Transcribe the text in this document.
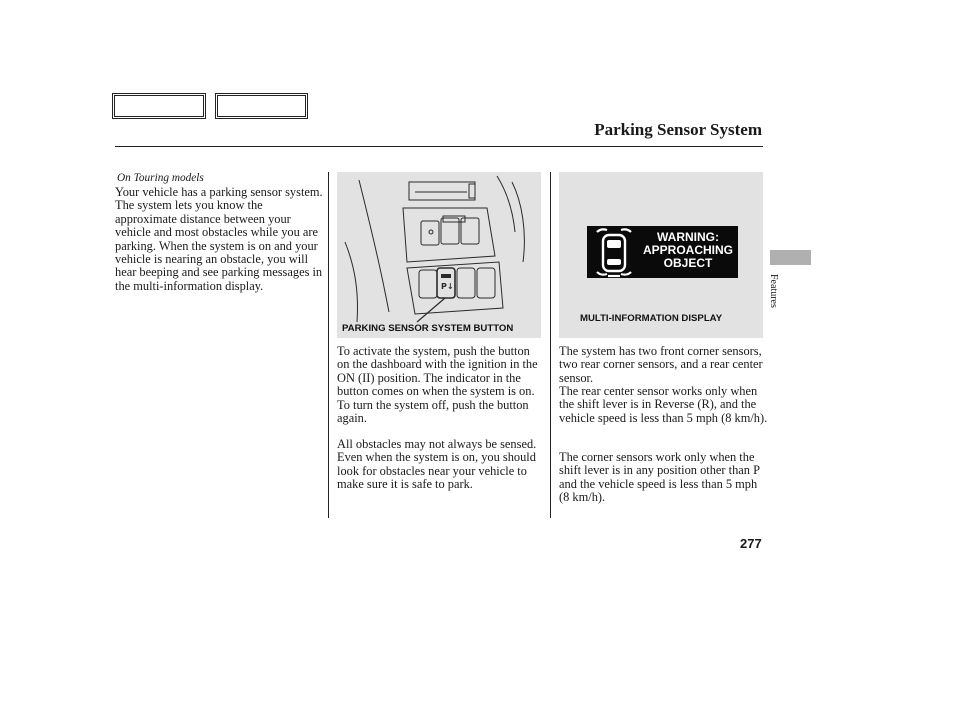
Parking Sensor System
On Touring models
Your vehicle has a parking sensor system. The system lets you know the approximate distance between your vehicle and most obstacles while you are parking. When the system is on and your vehicle is nearing an obstacle, you will hear beeping and see parking messages in the multi-information display.	P↓
PARKING SENSOR SYSTEM BUTTON
WARNING:
APPROACHING
OBJECT
MULTI-INFORMATION DISPLAY
To activate the system, push the button on the dashboard with the ignition in the ON (II) position. The indicator in the button comes on when the system is on. To turn the system off, push the button again.
All obstacles may not always be sensed. Even when the system is on, you should look for obstacles near your vehicle to make sure it is safe to park.
The system has two front corner sensors, two rear corner sensors, and a rear center sensor.
The rear center sensor works only when the shift lever is in Reverse (R), and the vehicle speed is less than 5 mph (8 km/h).
The corner sensors work only when the shift lever is in any position other than P and the vehicle speed is less than 5 mph (8 km/h).
Features
277
